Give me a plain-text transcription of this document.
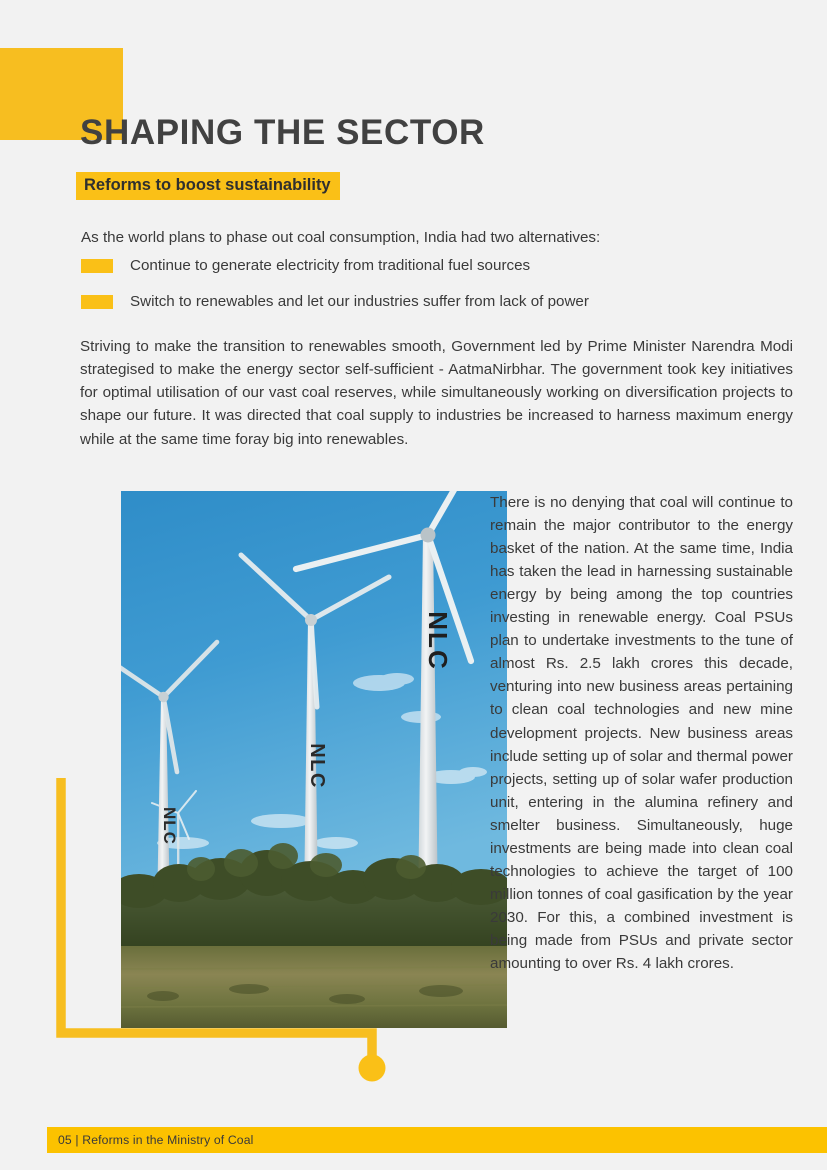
SHAPING THE SECTOR
Reforms to boost sustainability

As the world plans to phase out coal consumption, India had two alternatives:

Continue to generate electricity from traditional fuel sources
Switch to renewables and let our industries suffer from lack of power

Striving to make the transition to renewables smooth, Government led by Prime Minister Narendra Modi strategised to make the energy sector self-sufficient - AatmaNirbhar. The government took key initiatives for optimal utilisation of our vast coal reserves, while simultaneously working on diversification projects to shape our future. It was directed that coal supply to industries be increased to harness maximum energy while at the same time foray big into renewables.

NLC
NLC
NLC

There is no denying that coal will continue to remain the major contributor to the energy basket of the nation. At the same time, India has taken the lead in harnessing sustainable energy by being among the top countries investing in renewable energy. Coal PSUs plan to undertake investments to the tune of almost Rs. 2.5 lakh crores this decade, venturing into new business areas pertaining to clean coal technologies and new mine development projects. New business areas include setting up of solar and thermal power projects, setting up of solar wafer production unit, entering in the alumina refinery and smelter business. Simultaneously, huge investments are being made into clean coal technologies to achieve the target of 100 million tonnes of coal gasification by the year 2030. For this, a combined investment is being made from PSUs and private sector amounting to over Rs. 4 lakh crores.

05 | Reforms in the Ministry of Coal
